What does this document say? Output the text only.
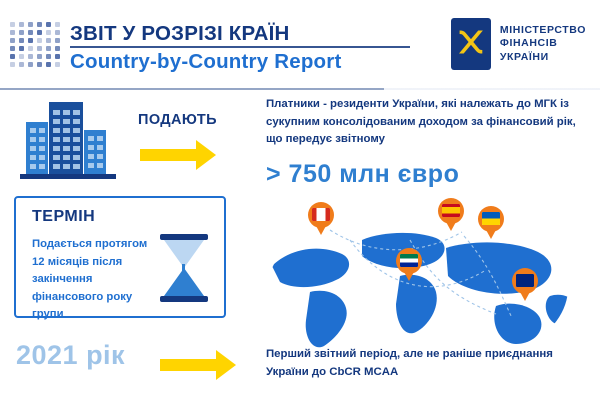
ЗВІТ У РОЗРІЗІ КРАЇН
Country-by-Country Report
᙭ МІНІСТЕРСТВО
ФІНАНСІВ
УКРАЇНИ
ПОДАЮТЬ
Платники - резиденти України, які належать до МГК із сукупним консолідованим доходом за фінансовий рік, що передує звітному
> 750 млн євро
ТЕРМІН
Подається протягом 12 місяців після закінчення фінансового року групи
2021 рік	Перший звітний період, але не раніше приєднання України до CbCR MCAA
